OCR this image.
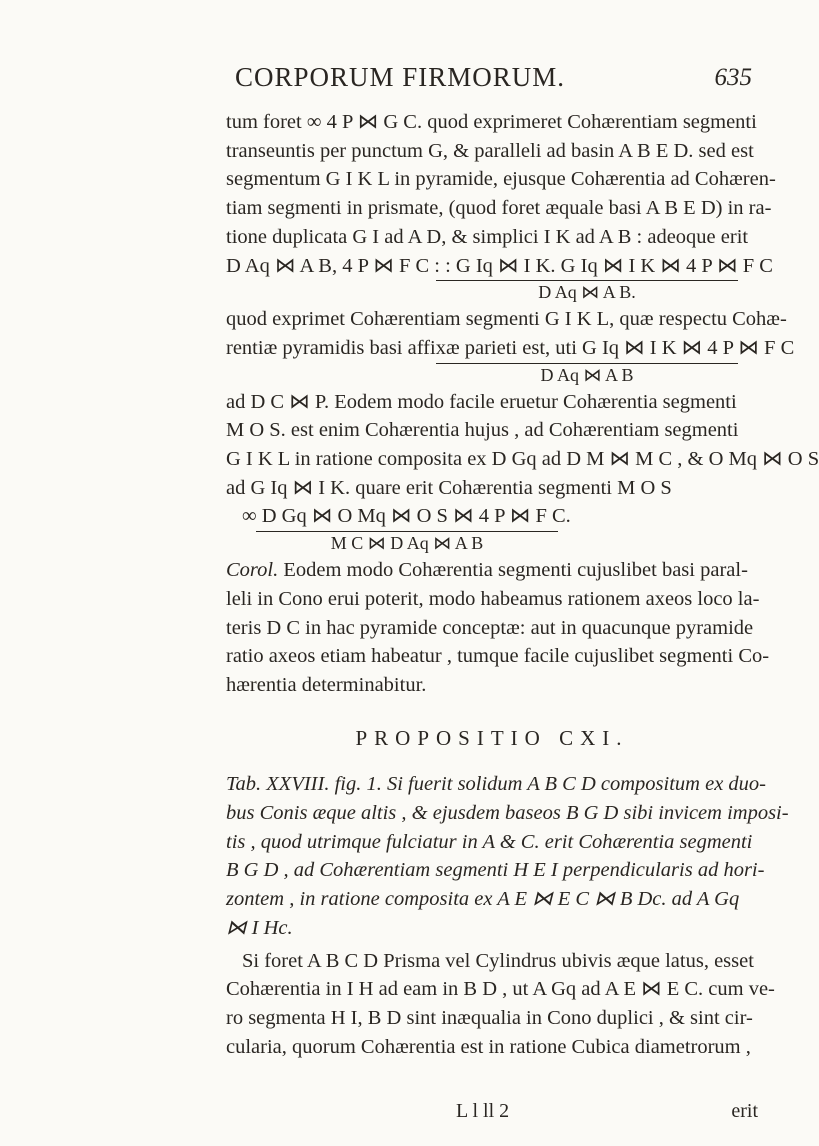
CORPORUM FIRMORUM.	635

tum foret ∞ 4 P ⋈ G C. quod exprimeret Cohærentiam segmenti
transeuntis per punctum G, & paralleli ad basin A B E D. sed est
segmentum G I K L in pyramide, ejusque Cohærentia ad Cohæren-
tiam segmenti in prismate, (quod foret æquale basi A B E D) in ra-
tione duplicata G I ad A D, & simplici I K ad A B : adeoque erit
D Aq ⋈ A B, 4 P ⋈ F C : : G Iq ⋈ I K. G Iq ⋈ I K ⋈ 4 P ⋈ F C
D Aq ⋈ A B.
quod exprimet Cohærentiam segmenti G I K L, quæ respectu Cohæ-
rentiæ pyramidis basi affixæ parieti est, uti G Iq ⋈ I K ⋈ 4 P ⋈ F C
D Aq ⋈ A B
ad D C ⋈ P. Eodem modo facile eruetur Cohærentia segmenti
M O S. est enim Cohærentia hujus , ad Cohærentiam segmenti
G I K L in ratione composita ex D Gq ad D M ⋈ M C , & O Mq ⋈ O S
ad G Iq ⋈ I K. quare erit Cohærentia segmenti M O S
∞ D Gq ⋈ O Mq ⋈ O S ⋈ 4 P ⋈ F C.
M C ⋈ D Aq ⋈ A B

Corol. Eodem modo Cohærentia segmenti cujuslibet basi paral-
leli in Cono erui poterit, modo habeamus rationem axeos loco la-
teris D C in hac pyramide conceptæ: aut in quacunque pyramide
ratio axeos etiam habeatur , tumque facile cujuslibet segmenti Co-
hærentia determinabitur.

PROPOSITIO CXI.

Tab. XXVIII. fig. 1. Si fuerit solidum A B C D compositum ex duo-
bus Conis æque altis , & ejusdem baseos B G D sibi invicem imposi-
tis , quod utrimque fulciatur in A & C. erit Cohærentia segmenti
B G D , ad Cohærentiam segmenti H E I perpendicularis ad hori-
zontem , in ratione composita ex A E ⋈ E C ⋈ B Dc. ad A Gq
⋈ I Hc.

Si foret A B C D Prisma vel Cylindrus ubivis æque latus, esset
Cohærentia in I H ad eam in B D , ut A Gq ad A E ⋈ E C. cum ve-
ro segmenta H I, B D sint inæqualia in Cono duplici , & sint cir-
cularia, quorum Cohærentia est in ratione Cubica diametrorum ,

L l ll 2	erit
